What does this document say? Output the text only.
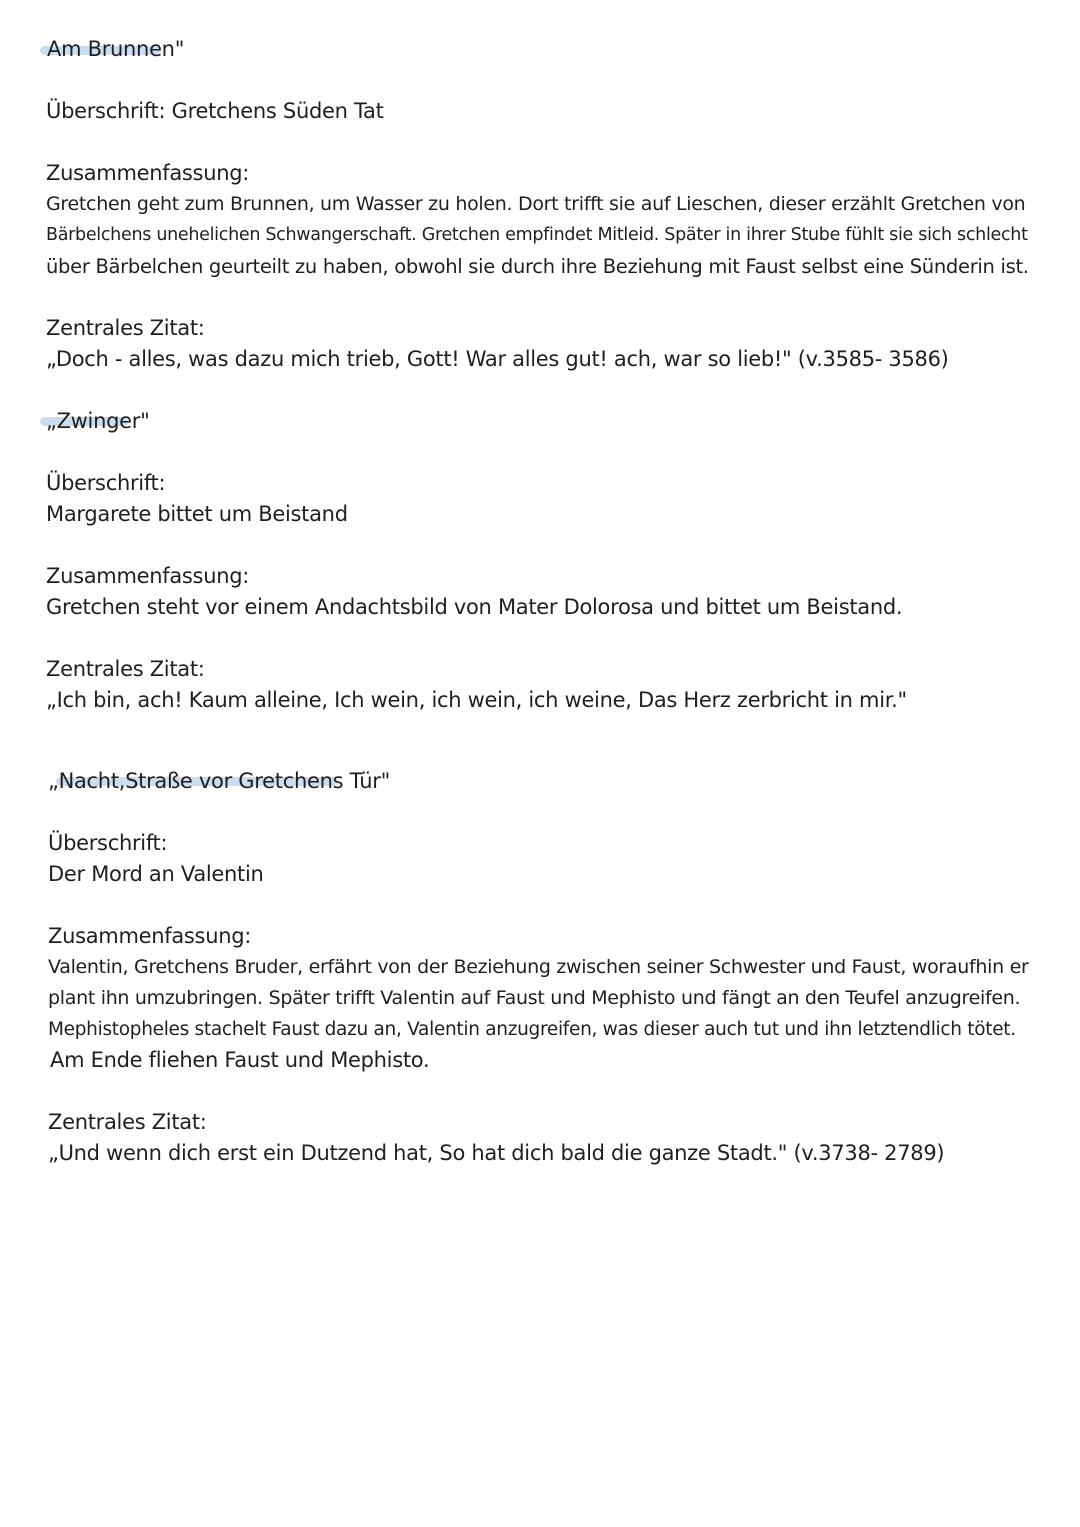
Am Brunnen"
Überschrift: Gretchens Süden Tat
Zusammenfassung:
Gretchen geht zum Brunnen, um Wasser zu holen. Dort trifft sie auf Lieschen, dieser erzählt Gretchen von
Bärbelchens unehelichen Schwangerschaft. Gretchen empfindet Mitleid. Später in ihrer Stube fühlt sie sich schlecht
über Bärbelchen geurteilt zu haben, obwohl sie durch ihre Beziehung mit Faust selbst eine Sünderin ist.
Zentrales Zitat:
„Doch - alles, was dazu mich trieb, Gott! War alles gut! ach, war so lieb!" (v.3585- 3586)
„Zwinger"
Überschrift:
Margarete bittet um Beistand
Zusammenfassung:
Gretchen steht vor einem Andachtsbild von Mater Dolorosa und bittet um Beistand.
Zentrales Zitat:
„Ich bin, ach! Kaum alleine, Ich wein, ich wein, ich weine, Das Herz zerbricht in mir."
„Nacht,Straße vor Gretchens Tür"
Überschrift:
Der Mord an Valentin
Zusammenfassung:
Valentin, Gretchens Bruder, erfährt von der Beziehung zwischen seiner Schwester und Faust, woraufhin er
plant ihn umzubringen. Später trifft Valentin auf Faust und Mephisto und fängt an den Teufel anzugreifen.
Mephistopheles stachelt Faust dazu an, Valentin anzugreifen, was dieser auch tut und ihn letztendlich tötet.
Am Ende fliehen Faust und Mephisto.
Zentrales Zitat:
„Und wenn dich erst ein Dutzend hat, So hat dich bald die ganze Stadt." (v.3738- 2789)
